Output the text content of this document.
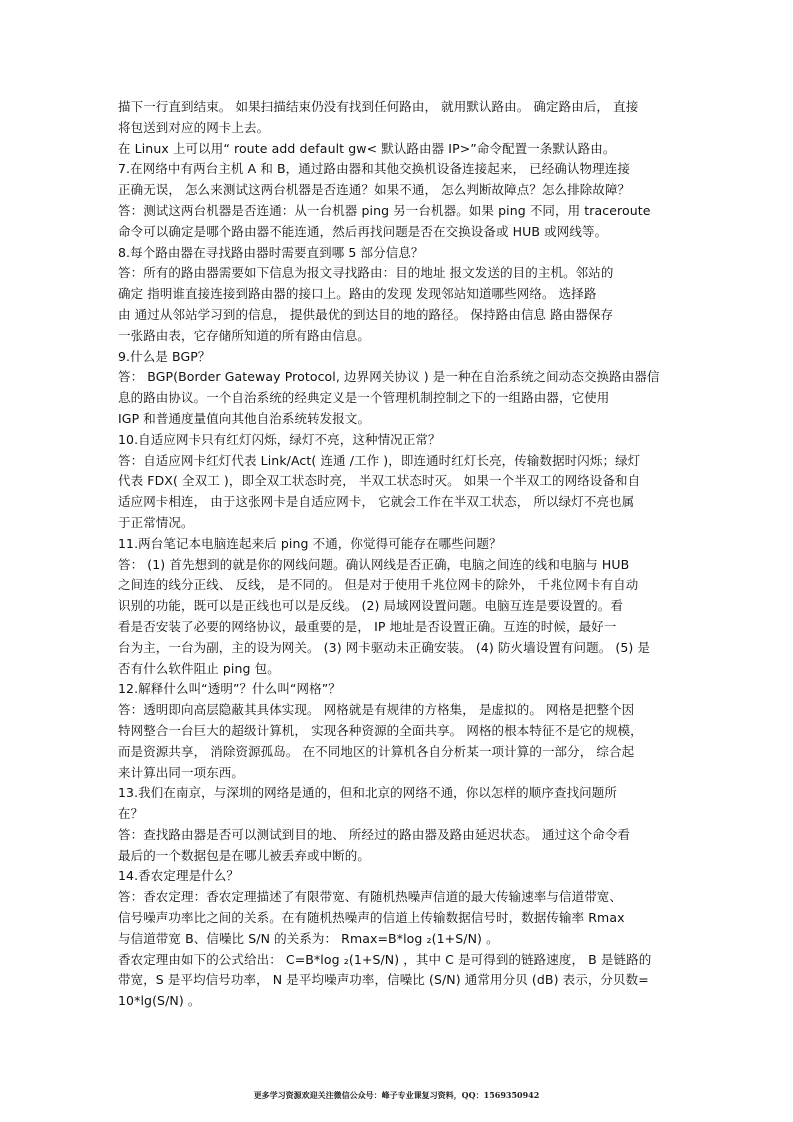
描下一行直到结束。 如果扫描结束仍没有找到任何路由， 就用默认路由。 确定路由后， 直接
将包送到对应的网卡上去。
在 Linux 上可以用“ route add default gw< 默认路由器 IP>”命令配置一条默认路由。
7.在网络中有两台主机 A 和 B，通过路由器和其他交换机设备连接起来， 已经确认物理连接
正确无误， 怎么来测试这两台机器是否连通？如果不通， 怎么判断故障点？怎么排除故障？
答：测试这两台机器是否连通：从一台机器 ping 另一台机器。如果 ping 不同，用 traceroute
命令可以确定是哪个路由器不能连通，然后再找问题是否在交换设备或 HUB 或网线等。
8.每个路由器在寻找路由器时需要直到哪 5 部分信息？
答：所有的路由器需要如下信息为报文寻找路由：目的地址 报文发送的目的主机。邻站的
确定 指明谁直接连接到路由器的接口上。路由的发现 发现邻站知道哪些网络。 选择路
由 通过从邻站学习到的信息， 提供最优的到达目的地的路径。 保持路由信息 路由器保存
一张路由表，它存储所知道的所有路由信息。
9.什么是 BGP？
答： BGP(Border Gateway Protocol, 边界网关协议 ) 是一种在自治系统之间动态交换路由器信
息的路由协议。一个自治系统的经典定义是一个管理机制控制之下的一组路由器，它使用
IGP 和普通度量值向其他自治系统转发报文。
10.自适应网卡只有红灯闪烁，绿灯不亮，这种情况正常？
答：自适应网卡红灯代表 Link/Act( 连通 /工作 )，即连通时红灯长亮，传输数据时闪烁；绿灯
代表 FDX( 全双工 )，即全双工状态时亮， 半双工状态时灭。 如果一个半双工的网络设备和自
适应网卡相连， 由于这张网卡是自适应网卡， 它就会工作在半双工状态， 所以绿灯不亮也属
于正常情况。
11.两台笔记本电脑连起来后 ping 不通，你觉得可能存在哪些问题？
答： (1) 首先想到的就是你的网线问题。确认网线是否正确，电脑之间连的线和电脑与 HUB
之间连的线分正线、 反线， 是不同的。 但是对于使用千兆位网卡的除外， 千兆位网卡有自动
识别的功能，既可以是正线也可以是反线。 (2) 局域网设置问题。电脑互连是要设置的。看
看是否安装了必要的网络协议，最重要的是， IP 地址是否设置正确。互连的时候，最好一
台为主，一台为副，主的设为网关。 (3) 网卡驱动未正确安装。 (4) 防火墙设置有问题。 (5) 是
否有什么软件阻止 ping 包。
12.解释什么叫“透明”？什么叫“网格”？
答：透明即向高层隐蔽其具体实现。 网格就是有规律的方格集， 是虚拟的。 网格是把整个因
特网整合一台巨大的超级计算机， 实现各种资源的全面共享。 网格的根本特征不是它的规模，
而是资源共享， 消除资源孤岛。 在不同地区的计算机各自分析某一项计算的一部分， 综合起
来计算出同一项东西。
13.我们在南京，与深圳的网络是通的，但和北京的网络不通，你以怎样的顺序查找问题所
在？
答：查找路由器是否可以测试到目的地、 所经过的路由器及路由延迟状态。 通过这个命令看
最后的一个数据包是在哪儿被丢弃或中断的。
14.香农定理是什么？
答：香农定理：香农定理描述了有限带宽、有随机热噪声信道的最大传输速率与信道带宽、
信号噪声功率比之间的关系。在有随机热噪声的信道上传输数据信号时，数据传输率 Rmax
与信道带宽 B、信噪比 S/N 的关系为： Rmax=B*log ₂(1+S/N) 。
香农定理由如下的公式给出： C=B*log ₂(1+S/N) ，其中 C 是可得到的链路速度， B 是链路的
带宽，S 是平均信号功率， N 是平均噪声功率，信噪比 (S/N) 通常用分贝 (dB) 表示，分贝数=
10*lg(S/N) 。
更多学习资源欢迎关注微信公众号：峰子专业课复习资料，QQ：1569350942
